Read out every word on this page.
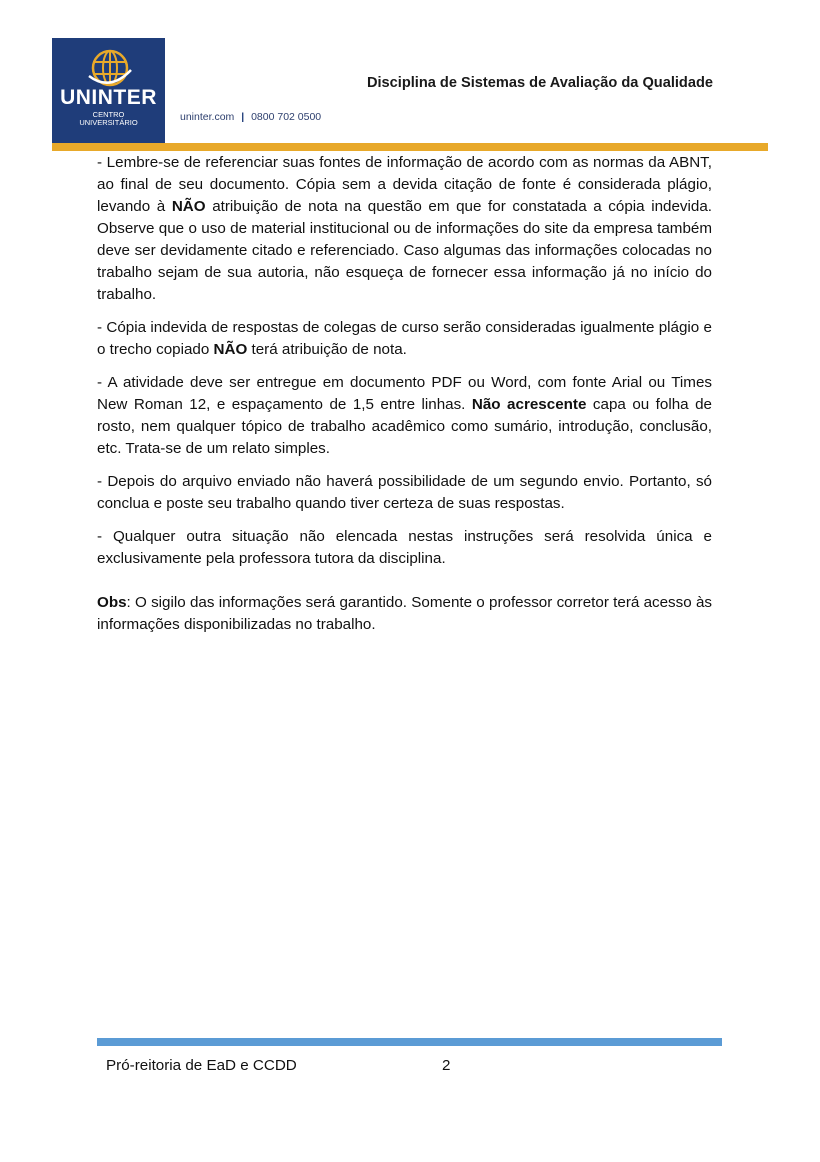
UNINTER
CENTRO
UNIVERSITÁRIO	uninter.com | 0800 702 0500
Disciplina de Sistemas de Avaliação da Qualidade

- Lembre-se de referenciar suas fontes de informação de acordo com as normas da ABNT, ao final de seu documento. Cópia sem a devida citação de fonte é considerada plágio, levando à NÃO atribuição de nota na questão em que for constatada a cópia indevida. Observe que o uso de material institucional ou de informações do site da empresa também deve ser devidamente citado e referenciado. Caso algumas das informações colocadas no trabalho sejam de sua autoria, não esqueça de fornecer essa informação já no início do trabalho.

- Cópia indevida de respostas de colegas de curso serão consideradas igualmente plágio e o trecho copiado NÃO terá atribuição de nota.

- A atividade deve ser entregue em documento PDF ou Word, com fonte Arial ou Times New Roman 12, e espaçamento de 1,5 entre linhas. Não acrescente capa ou folha de rosto, nem qualquer tópico de trabalho acadêmico como sumário, introdução, conclusão, etc. Trata-se de um relato simples.

- Depois do arquivo enviado não haverá possibilidade de um segundo envio. Portanto, só conclua e poste seu trabalho quando tiver certeza de suas respostas.

- Qualquer outra situação não elencada nestas instruções será resolvida única e exclusivamente pela professora tutora da disciplina.

Obs: O sigilo das informações será garantido. Somente o professor corretor terá acesso às informações disponibilizadas no trabalho.

Pró-reitoria de EaD e CCDD	2
